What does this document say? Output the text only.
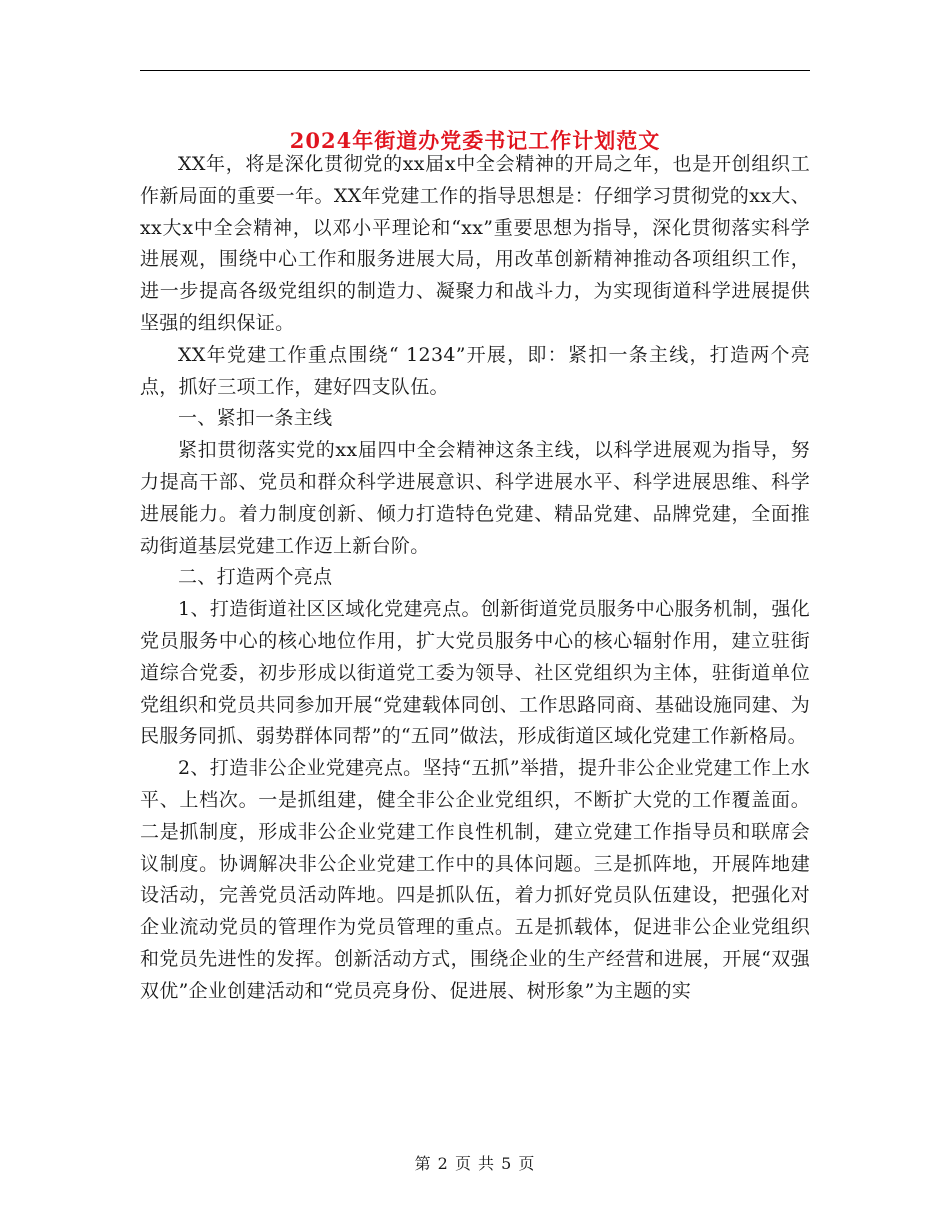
2024年街道办党委书记工作计划范文

XX年，将是深化贯彻党的xx届x中全会精神的开局之年，也是开创组织工作新局面的重要一年。XX年党建工作的指导思想是：仔细学习贯彻党的xx大、xx大x中全会精神，以邓小平理论和“xx”重要思想为指导，深化贯彻落实科学进展观，围绕中心工作和服务进展大局，用改革创新精神推动各项组织工作，进一步提高各级党组织的制造力、凝聚力和战斗力，为实现街道科学进展提供坚强的组织保证。

XX年党建工作重点围绕“ 1234”开展，即：紧扣一条主线，打造两个亮点，抓好三项工作，建好四支队伍。

一、紧扣一条主线

紧扣贯彻落实党的xx届四中全会精神这条主线，以科学进展观为指导，努力提高干部、党员和群众科学进展意识、科学进展水平、科学进展思维、科学进展能力。着力制度创新、倾力打造特色党建、精品党建、品牌党建，全面推动街道基层党建工作迈上新台阶。

二、打造两个亮点

1、打造街道社区区域化党建亮点。创新街道党员服务中心服务机制，强化党员服务中心的核心地位作用，扩大党员服务中心的核心辐射作用，建立驻街道综合党委，初步形成以街道党工委为领导、社区党组织为主体，驻街道单位党组织和党员共同参加开展“党建载体同创、工作思路同商、基础设施同建、为民服务同抓、弱势群体同帮”的“五同”做法，形成街道区域化党建工作新格局。

2、打造非公企业党建亮点。坚持“五抓”举措，提升非公企业党建工作上水平、上档次。一是抓组建，健全非公企业党组织，不断扩大党的工作覆盖面。二是抓制度，形成非公企业党建工作良性机制，建立党建工作指导员和联席会议制度。协调解决非公企业党建工作中的具体问题。三是抓阵地，开展阵地建设活动，完善党员活动阵地。四是抓队伍，着力抓好党员队伍建设，把强化对企业流动党员的管理作为党员管理的重点。五是抓载体，促进非公企业党组织和党员先进性的发挥。创新活动方式，围绕企业的生产经营和进展，开展“双强双优”企业创建活动和“党员亮身份、促进展、树形象”为主题的实

第 2 页 共 5 页
